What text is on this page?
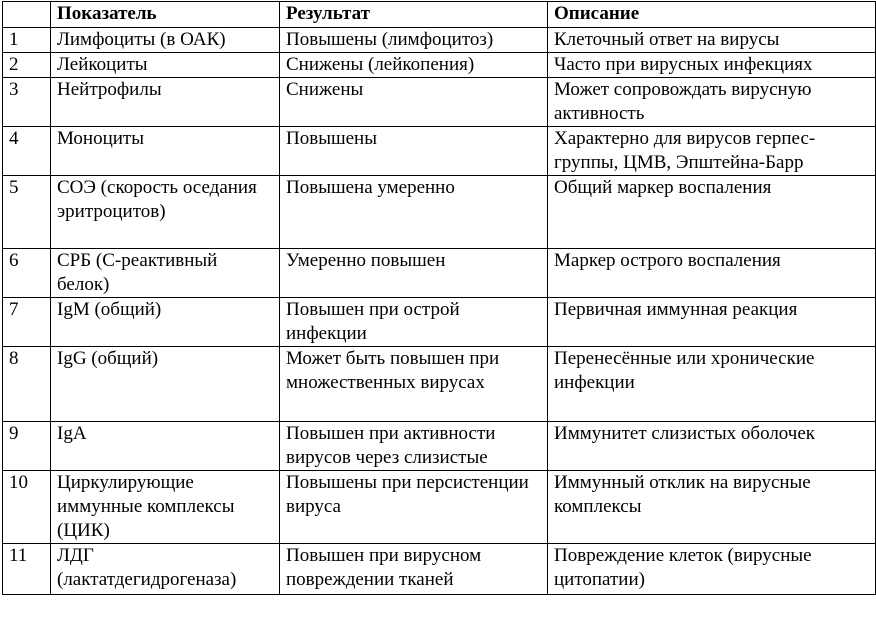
	Показатель	Результат	Описание
1	Лимфоциты (в ОАК)	Повышены (лимфоцитоз)	Клеточный ответ на вирусы
2	Лейкоциты	Снижены (лейкопения)	Часто при вирусных инфекциях
3	Нейтрофилы	Снижены	Может сопровождать вирусную активность
4	Моноциты	Повышены	Характерно для вирусов герпес-группы, ЦМВ, Эпштейна-Барр
5	СОЭ (скорость оседания эритроцитов)	Повышена умеренно	Общий маркер воспаления
6	СРБ (С-реактивный белок)	Умеренно повышен	Маркер острого воспаления
7	IgM (общий)	Повышен при острой инфекции	Первичная иммунная реакция
8	IgG (общий)	Может быть повышен при множественных вирусах	Перенесённые или хронические инфекции
9	IgA	Повышен при активности вирусов через слизистые	Иммунитет слизистых оболочек
10	Циркулирующие иммунные комплексы (ЦИК)	Повышены при персистенции вируса	Иммунный отклик на вирусные комплексы
11	ЛДГ (лактатдегидрогеназа)	Повышен при вирусном повреждении тканей	Повреждение клеток (вирусные цитопатии)
